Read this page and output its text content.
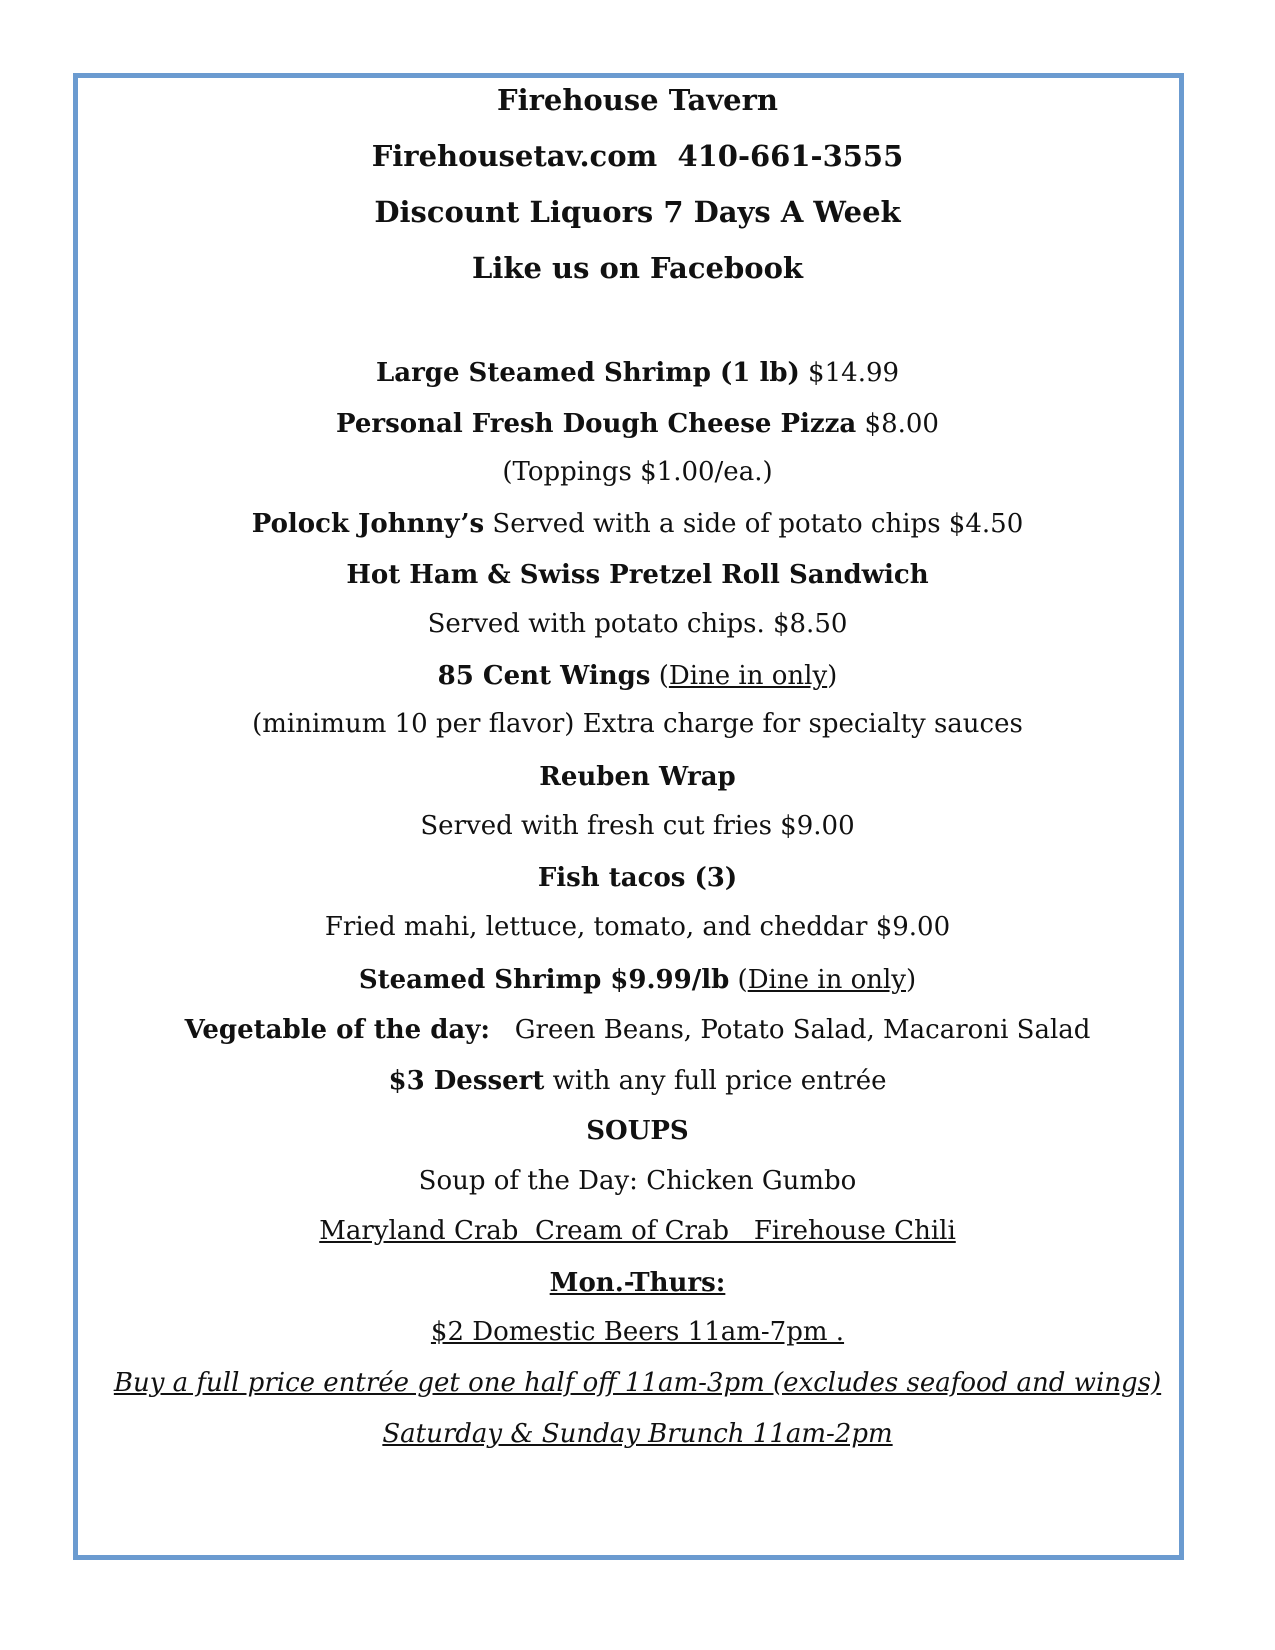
Firehouse Tavern
Firehousetav.com 410-661-3555
Discount Liquors 7 Days A Week
Like us on Facebook
Large Steamed Shrimp (1 lb) $14.99
Personal Fresh Dough Cheese Pizza $8.00
(Toppings $1.00/ea.)
Polock Johnny’s Served with a side of potato chips $4.50
Hot Ham & Swiss Pretzel Roll Sandwich
Served with potato chips. $8.50
85 Cent Wings (Dine in only)
(minimum 10 per flavor) Extra charge for specialty sauces
Reuben Wrap
Served with fresh cut fries $9.00
Fish tacos (3)
Fried mahi, lettuce, tomato, and cheddar $9.00
Steamed Shrimp $9.99/lb (Dine in only)
Vegetable of the day:   Green Beans, Potato Salad, Macaroni Salad
$3 Dessert with any full price entrée
SOUPS
Soup of the Day: Chicken Gumbo
Maryland Crab  Cream of Crab   Firehouse Chili
Mon.-Thurs:
$2 Domestic Beers 11am-7pm .
Buy a full price entrée get one half off 11am-3pm (excludes seafood and wings)
Saturday & Sunday Brunch 11am-2pm
